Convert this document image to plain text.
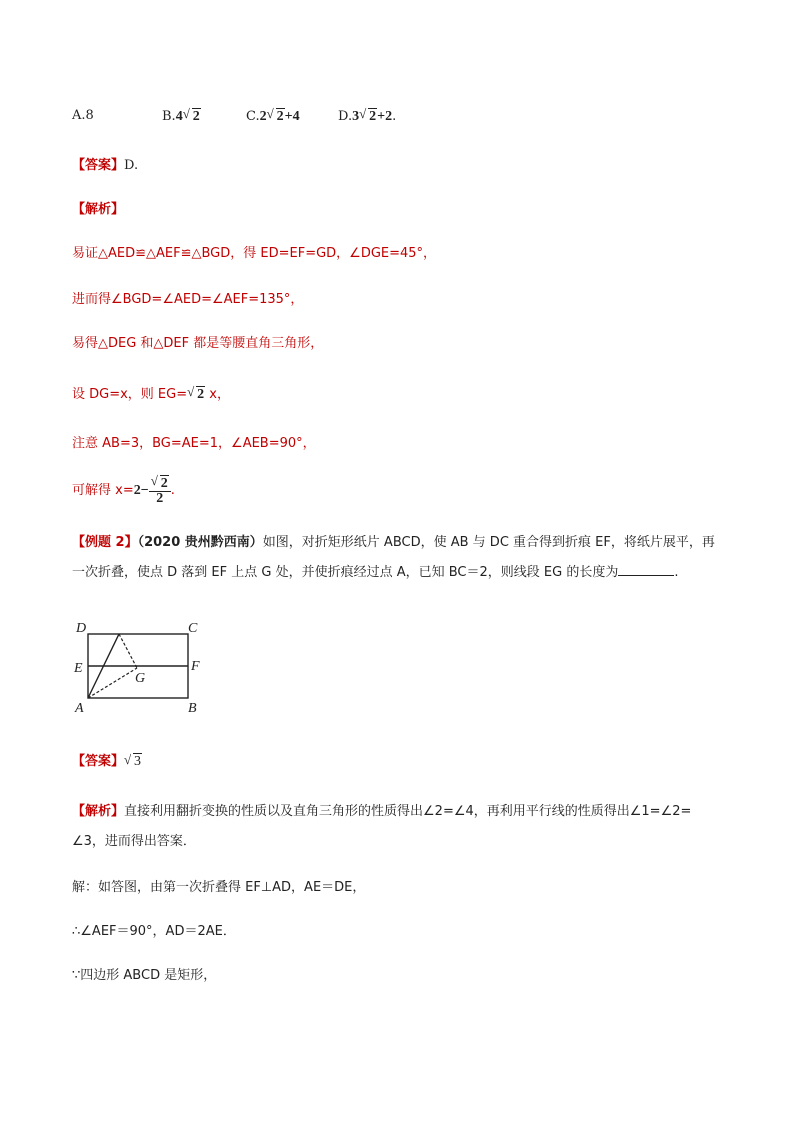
A.8	B.4 √ 2	C.2 √ 2+4	D.3 √ 2+2.
【答案】D.
【解析】
易证△AED≌△AEF≌△BGD，得 ED=EF=GD，∠DGE=45°，
进而得∠BGD=∠AED=∠AEF=135°，
易得△DEG 和△DEF 都是等腰直角三角形，
设 DG=x，则 EG= √ 2 x，
注意 AB=3，BG=AE=1，∠AEB=90°，
可解得 x=2− √ $\frac{2}{2}$ .
【例题 2】（2020 贵州黔西南）如图，对折矩形纸片 ABCD，使 AB 与 DC 重合得到折痕 EF，将纸片展平，再
一次折叠，使点 D 落到 EF 上点 G 处，并使折痕经过点 A，已知 BC＝2，则线段 EG 的长度为	.
D	C
E	F
G
A	B
【答案】 √ 3
【解析】直接利用翻折变换的性质以及直角三角形的性质得出∠2=∠4，再利用平行线的性质得出∠1=∠2=
∠3，进而得出答案．
解：如答图，由第一次折叠得 EF⊥AD，AE＝DE，
∴∠AEF＝90°，AD＝2AE．
∵四边形 ABCD 是矩形，
